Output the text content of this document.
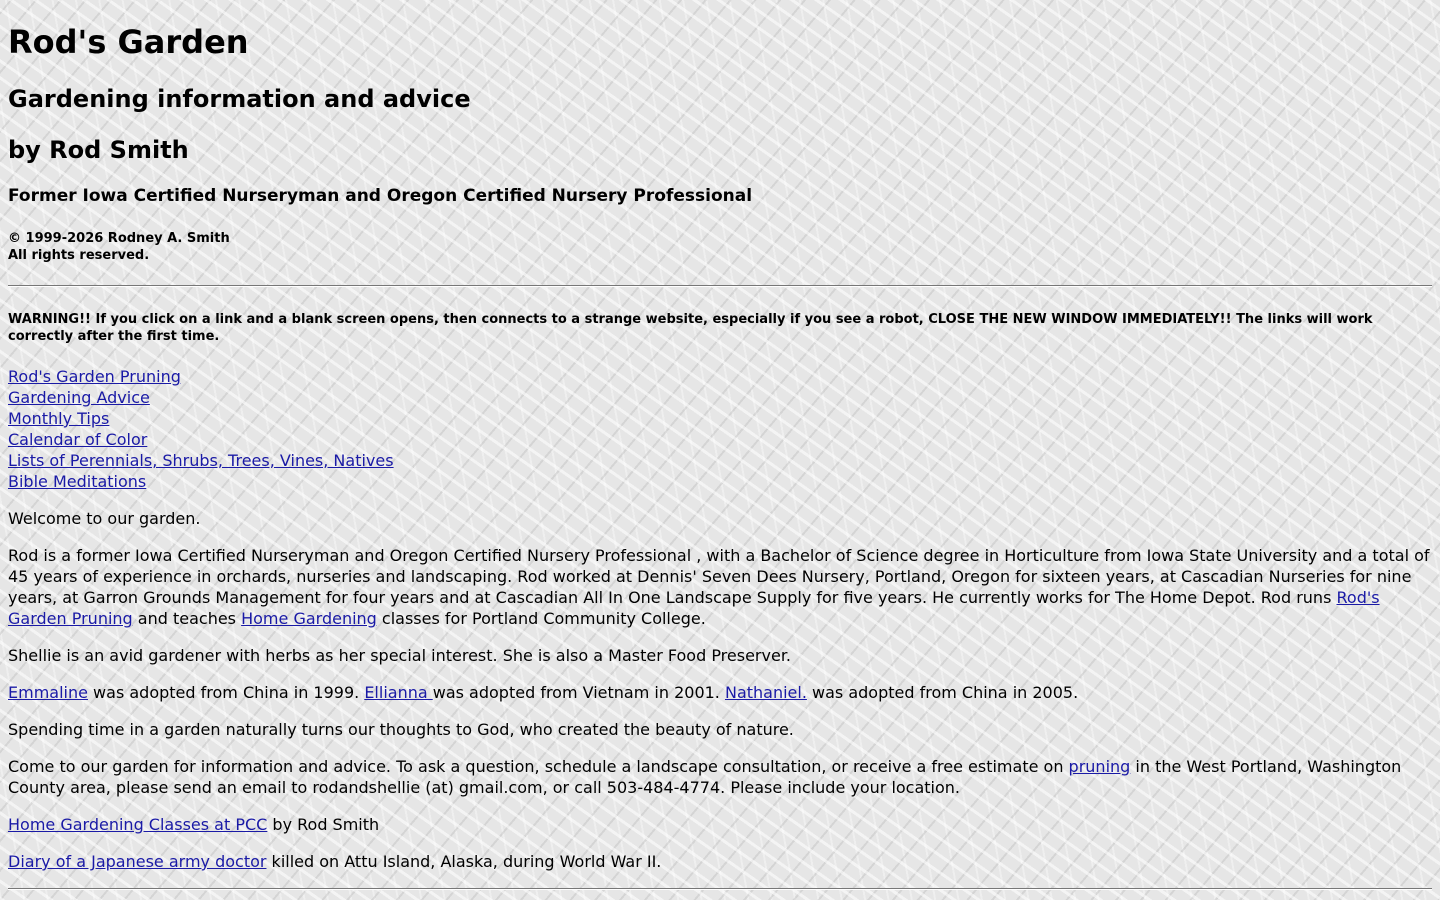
Rod's Garden
Gardening information and advice
by Rod Smith
Former Iowa Certified Nurseryman and Oregon Certified Nursery Professional
© 1999-2026 Rodney A. Smith
All rights reserved.
WARNING!! If you click on a link and a blank screen opens, then connects to a strange website, especially if you see a robot, CLOSE THE NEW WINDOW IMMEDIATELY!! The links will work correctly after the first time.
Rod's Garden Pruning
Gardening Advice
Monthly Tips
Calendar of Color
Lists of Perennials, Shrubs, Trees, Vines, Natives
Bible Meditations

Welcome to our garden.

Rod is a former Iowa Certified Nurseryman and Oregon Certified Nursery Professional , with a Bachelor of Science degree in Horticulture from Iowa State University and a total of 45 years of experience in orchards, nurseries and landscaping. Rod worked at Dennis' Seven Dees Nursery, Portland, Oregon for sixteen years, at Cascadian Nurseries for nine years, at Garron Grounds Management for four years and at Cascadian All In One Landscape Supply for five years. He currently works for The Home Depot. Rod runs Rod's Garden Pruning and teaches Home Gardening classes for Portland Community College.

Shellie is an avid gardener with herbs as her special interest. She is also a Master Food Preserver.

Emmaline was adopted from China in 1999. Ellianna was adopted from Vietnam in 2001. Nathaniel. was adopted from China in 2005.

Spending time in a garden naturally turns our thoughts to God, who created the beauty of nature.

Come to our garden for information and advice. To ask a question, schedule a landscape consultation, or receive a free estimate on pruning in the West Portland, Washington County area, please send an email to rodandshellie (at) gmail.com, or call 503-484-4774. Please include your location.

Home Gardening Classes at PCC by Rod Smith

Diary of a Japanese army doctor killed on Attu Island, Alaska, during World War II.
